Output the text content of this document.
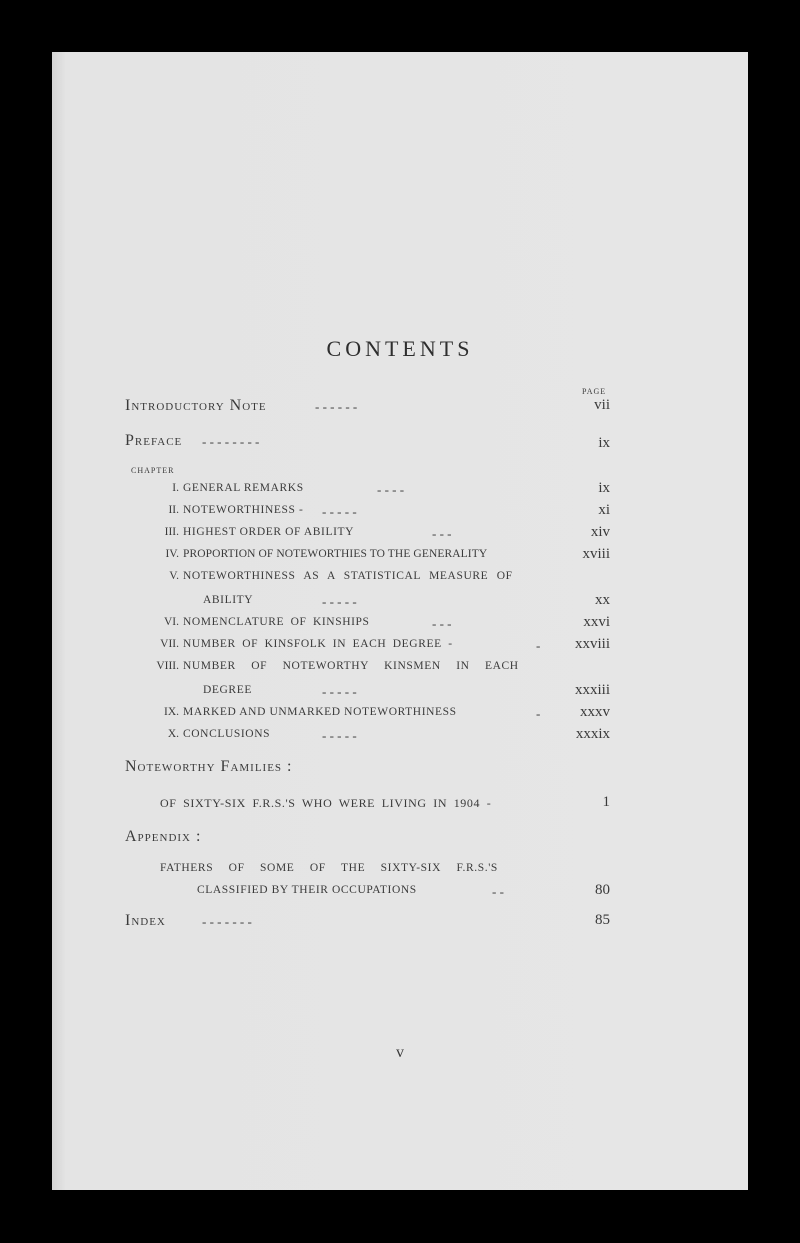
CONTENTS
PAGE
Introductory Note	- - - - - -	vii
Preface - - - - - - - -	ix
CHAPTER
I. GENERAL REMARKS	- - - -	ix
II. NOTEWORTHINESS - - - - - -	xi
III. HIGHEST ORDER OF ABILITY	- - -	xiv
IV. PROPORTION OF NOTEWORTHIES TO THE GENERALITY	xviii
V. NOTEWORTHINESS AS A STATISTICAL MEASURE OF
ABILITY	- - - - -	xx
VI. NOMENCLATURE OF KINSHIPS	- - -	xxvi
VII. NUMBER OF KINSFOLK IN EACH DEGREE -	-	xxviii
VIII. NUMBER OF NOTEWORTHY KINSMEN IN EACH
DEGREE	- - - - -	xxxiii
IX. MARKED AND UNMARKED NOTEWORTHINESS	-	xxxv
X. CONCLUSIONS	- - - - -	xxxix
Noteworthy Families :
OF SIXTY-SIX F.R.S.'S WHO WERE LIVING IN 1904 -	1
Appendix :
FATHERS OF SOME OF THE SIXTY-SIX F.R.S.'S
CLASSIFIED BY THEIR OCCUPATIONS	- -	80
Index	- - - - - - -	85
v
